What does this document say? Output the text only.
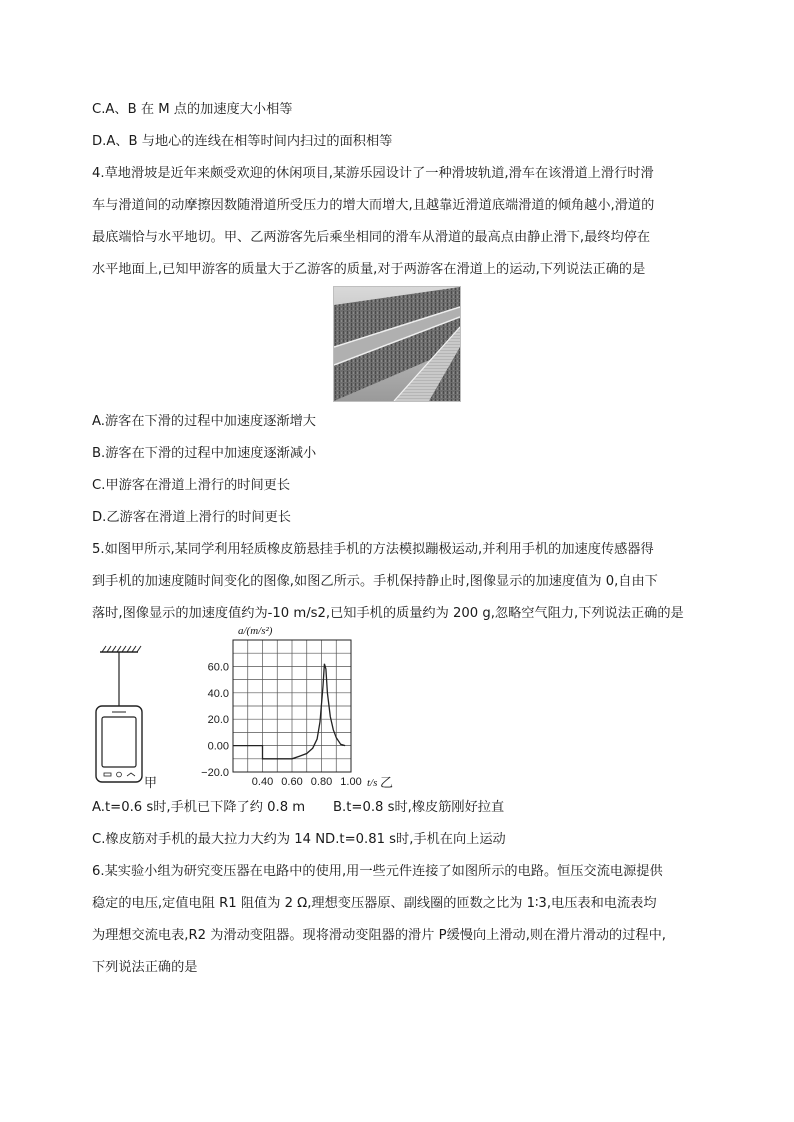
C.A、B 在 M 点的加速度大小相等
D.A、B 与地心的连线在相等时间内扫过的面积相等
4.草地滑坡是近年来颇受欢迎的休闲项目,某游乐园设计了一种滑坡轨道,滑车在该滑道上滑行时滑
车与滑道间的动摩擦因数随滑道所受压力的增大而增大,且越靠近滑道底端滑道的倾角越小,滑道的
最底端恰与水平地切。甲、乙两游客先后乘坐相同的滑车从滑道的最高点由静止滑下,最终均停在
水平地面上,已知甲游客的质量大于乙游客的质量,对于两游客在滑道上的运动,下列说法正确的是
A.游客在下滑的过程中加速度逐渐增大
B.游客在下滑的过程中加速度逐渐减小
C.甲游客在滑道上滑行的时间更长
D.乙游客在滑道上滑行的时间更长
5.如图甲所示,某同学利用轻质橡皮筋悬挂手机的方法模拟蹦极运动,并利用手机的加速度传感器得
到手机的加速度随时间变化的图像,如图乙所示。手机保持静止时,图像显示的加速度值为 0,自由下
落时,图像显示的加速度值约为-10 m/s2,已知手机的质量约为 200 g,忽略空气阻力,下列说法正确的是
甲
a/(m/s²)
60.0
40.0
20.0
0.00
−20.0
0.40 0.60 0.80 1.00 t/s 乙
A.t=0.6 s时,手机已下降了约 0.8 m B.t=0.8 s时,橡皮筋刚好拉直
C.橡皮筋对手机的最大拉力大约为 14 ND.t=0.81 s时,手机在向上运动
6.某实验小组为研究变压器在电路中的使用,用一些元件连接了如图所示的电路。恒压交流电源提供
稳定的电压,定值电阻 R1 阻值为 2 Ω,理想变压器原、副线圈的匝数之比为 1∶3,电压表和电流表均
为理想交流电表,R2 为滑动变阻器。现将滑动变阻器的滑片 P缓慢向上滑动,则在滑片滑动的过程中,
下列说法正确的是
